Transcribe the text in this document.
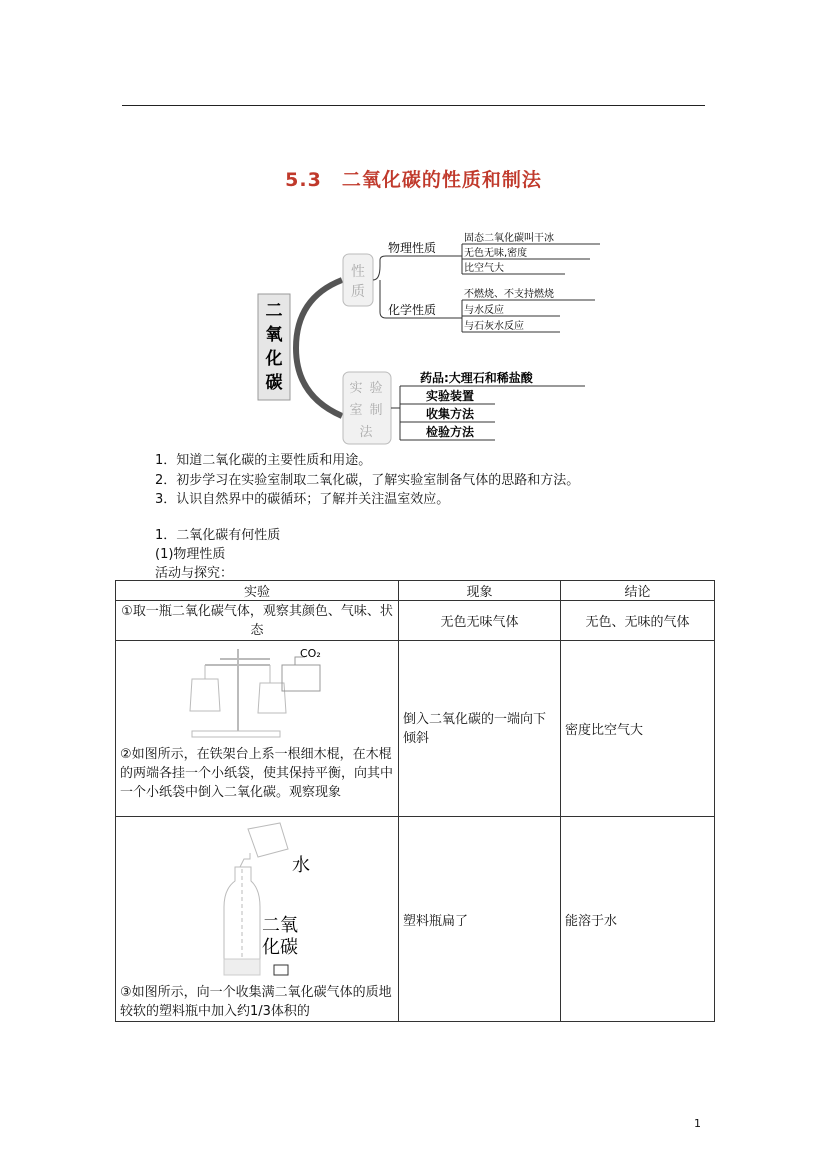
5.3　二氧化碳的性质和制法
二
氧
化
碳
性
质
实 验
室 制
法
物理性质
化学性质
固态二氧化碳叫干冰
无色无味,密度
比空气大
不燃烧、不支持燃烧
与水反应
与石灰水反应
药品:大理石和稀盐酸
实验装置
收集方法
检验方法
1．知道二氧化碳的主要性质和用途。
2．初步学习在实验室制取二氧化碳，了解实验室制备气体的思路和方法。
3．认识自然界中的碳循环；了解并关注温室效应。
1．二氧化碳有何性质
(1)物理性质
活动与探究：
实验	现象	结论
①取一瓶二氧化碳气体，观察其颜色、气味、状态	无色无味气体	无色、无味的气体

CO₂
②如图所示，在铁架台上系一根细木棍，在木棍的两端各挂一个小纸袋，使其保持平衡，向其中一个小纸袋中倒入二氧化碳。观察现象	倒入二氧化碳的一端向下倾斜	密度比空气大

水
二氧
化碳
③如图所示，向一个收集满二氧化碳气体的质地较软的塑料瓶中加入约1/3体积的	塑料瓶扁了	能溶于水
1
